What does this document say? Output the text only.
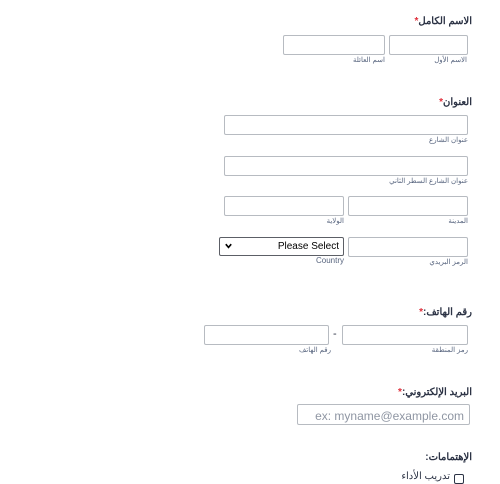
الاسم الكامل*
الاسم الأول
اسم العائلة
العنوان*
عنوان الشارع
عنوان الشارع السطر الثاني
المدينة
الولاية
Please Select
الرمز البريدي
Country
رقم الهاتف:*
-
رمز المنطقة
رقم الهاتف
البريد الإلكتروني:*
ex: myname@example.com
الإهتمامات:
تدريب الأداء
